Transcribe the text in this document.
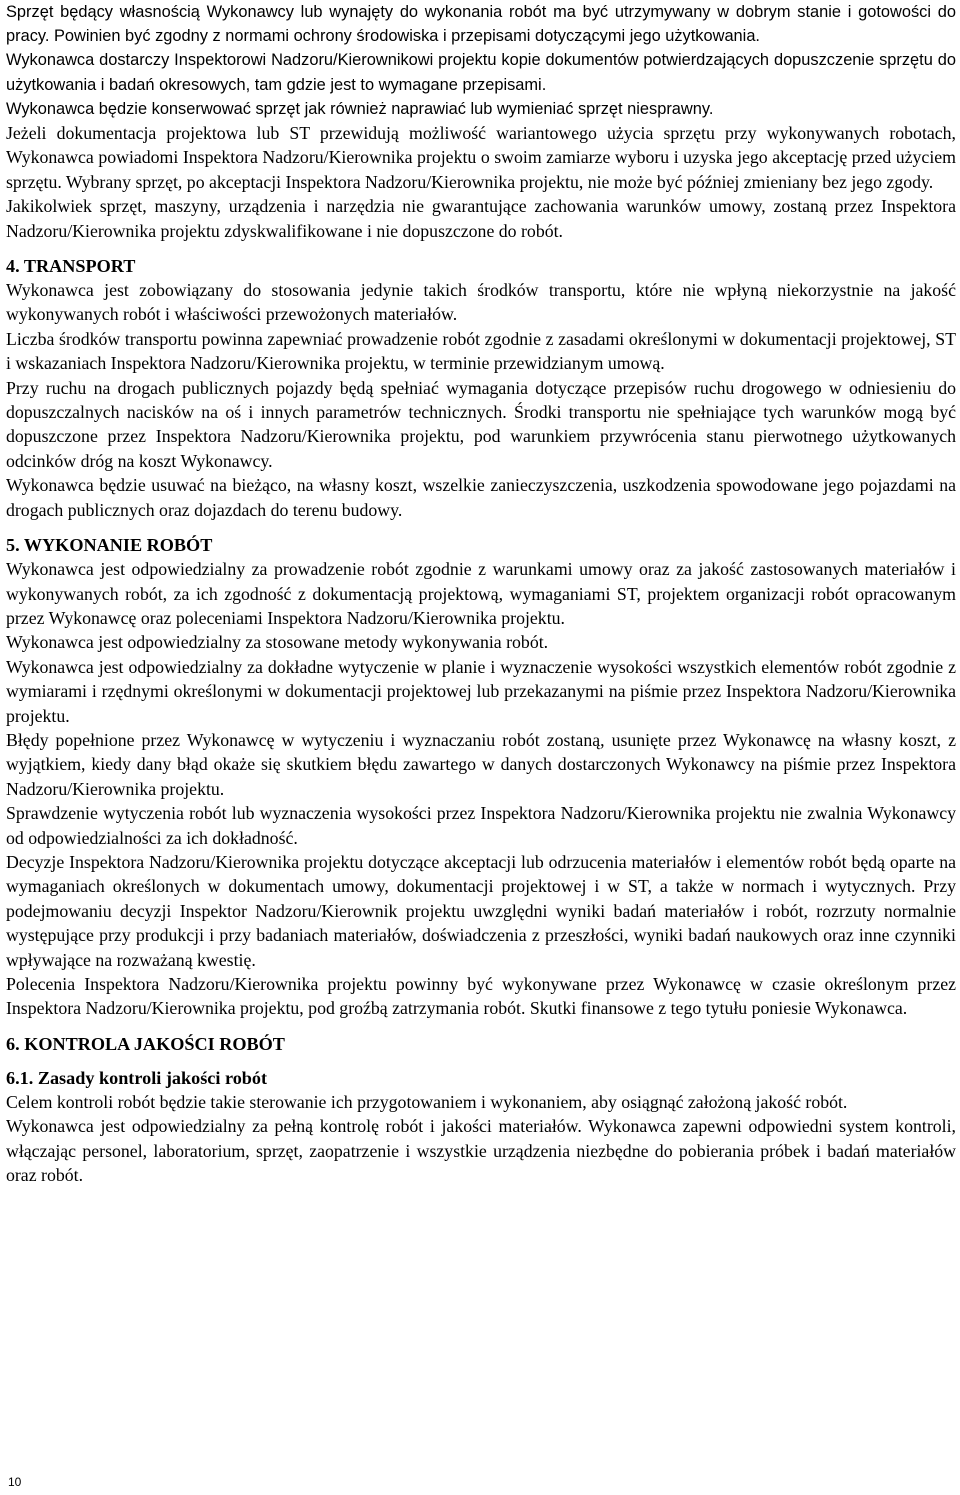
Sprzęt będący własnością Wykonawcy lub wynajęty do wykonania robót ma być utrzymywany w dobrym stanie i gotowości do pracy. Powinien być zgodny z normami ochrony środowiska i przepisami dotyczącymi jego użytkowania.

Wykonawca dostarczy Inspektorowi Nadzoru/Kierownikowi projektu kopie dokumentów potwierdzających dopuszczenie sprzętu do użytkowania i badań okresowych, tam gdzie jest to wymagane przepisami.

Wykonawca będzie konserwować sprzęt jak również naprawiać lub wymieniać sprzęt niesprawny.

Jeżeli dokumentacja projektowa lub ST przewidują możliwość wariantowego użycia sprzętu przy wykonywanych robotach, Wykonawca powiadomi Inspektora Nadzoru/Kierownika projektu o swoim zamiarze wyboru i uzyska jego akceptację przed użyciem sprzętu. Wybrany sprzęt, po akceptacji Inspektora Nadzoru/Kierownika projektu, nie może być później zmieniany bez jego zgody.

Jakikolwiek sprzęt, maszyny, urządzenia i narzędzia nie gwarantujące zachowania warunków umowy, zostaną przez Inspektora Nadzoru/Kierownika projektu zdyskwalifikowane i nie dopuszczone do robót.

4. TRANSPORT

Wykonawca jest zobowiązany do stosowania jedynie takich środków transportu, które nie wpłyną niekorzystnie na jakość wykonywanych robót i właściwości przewożonych materiałów.

Liczba środków transportu powinna zapewniać prowadzenie robót zgodnie z zasadami określonymi w dokumentacji projektowej, ST i wskazaniach Inspektora Nadzoru/Kierownika projektu, w terminie przewidzianym umową.

Przy ruchu na drogach publicznych pojazdy będą spełniać wymagania dotyczące przepisów ruchu drogowego w odniesieniu do dopuszczalnych nacisków na oś i innych parametrów technicznych. Środki transportu nie spełniające tych warunków mogą być dopuszczone przez Inspektora Nadzoru/Kierownika projektu, pod warunkiem przywrócenia stanu pierwotnego użytkowanych odcinków dróg na koszt Wykonawcy.

Wykonawca będzie usuwać na bieżąco, na własny koszt, wszelkie zanieczyszczenia, uszkodzenia spowodowane jego pojazdami na drogach publicznych oraz dojazdach do terenu budowy.

5. WYKONANIE ROBÓT

Wykonawca jest odpowiedzialny za prowadzenie robót zgodnie z warunkami umowy oraz za jakość zastosowanych materiałów i wykonywanych robót, za ich zgodność z dokumentacją projektową, wymaganiami ST, projektem organizacji robót opracowanym przez Wykonawcę oraz poleceniami Inspektora Nadzoru/Kierownika projektu.

Wykonawca jest odpowiedzialny za stosowane metody wykonywania robót.

Wykonawca jest odpowiedzialny za dokładne wytyczenie w planie i wyznaczenie wysokości wszystkich elementów robót zgodnie z wymiarami i rzędnymi określonymi w dokumentacji projektowej lub przekazanymi na piśmie przez Inspektora Nadzoru/Kierownika projektu.

Błędy popełnione przez Wykonawcę w wytyczeniu i wyznaczaniu robót zostaną, usunięte przez Wykonawcę na własny koszt, z wyjątkiem, kiedy dany błąd okaże się skutkiem błędu zawartego w danych dostarczonych Wykonawcy na piśmie przez Inspektora Nadzoru/Kierownika projektu.

Sprawdzenie wytyczenia robót lub wyznaczenia wysokości przez Inspektora Nadzoru/Kierownika projektu nie zwalnia Wykonawcy od odpowiedzialności za ich dokładność.

Decyzje Inspektora Nadzoru/Kierownika projektu dotyczące akceptacji lub odrzucenia materiałów i elementów robót będą oparte na wymaganiach określonych w dokumentach umowy, dokumentacji projektowej i w ST, a także w normach i wytycznych. Przy podejmowaniu decyzji Inspektor Nadzoru/Kierownik projektu uwzględni wyniki badań materiałów i robót, rozrzuty normalnie występujące przy produkcji i przy badaniach materiałów, doświadczenia z przeszłości, wyniki badań naukowych oraz inne czynniki wpływające na rozważaną kwestię.

Polecenia Inspektora Nadzoru/Kierownika projektu powinny być wykonywane przez Wykonawcę w czasie określonym przez Inspektora Nadzoru/Kierownika projektu, pod groźbą zatrzymania robót. Skutki finansowe z tego tytułu poniesie Wykonawca.

6. KONTROLA JAKOŚCI ROBÓT
6.1. Zasady kontroli jakości robót

Celem kontroli robót będzie takie sterowanie ich przygotowaniem i wykonaniem, aby osiągnąć założoną jakość robót.

Wykonawca jest odpowiedzialny za pełną kontrolę robót i jakości materiałów. Wykonawca zapewni odpowiedni system kontroli, włączając personel, laboratorium, sprzęt, zaopatrzenie i wszystkie urządzenia niezbędne do pobierania próbek i badań materiałów oraz robót.

10
